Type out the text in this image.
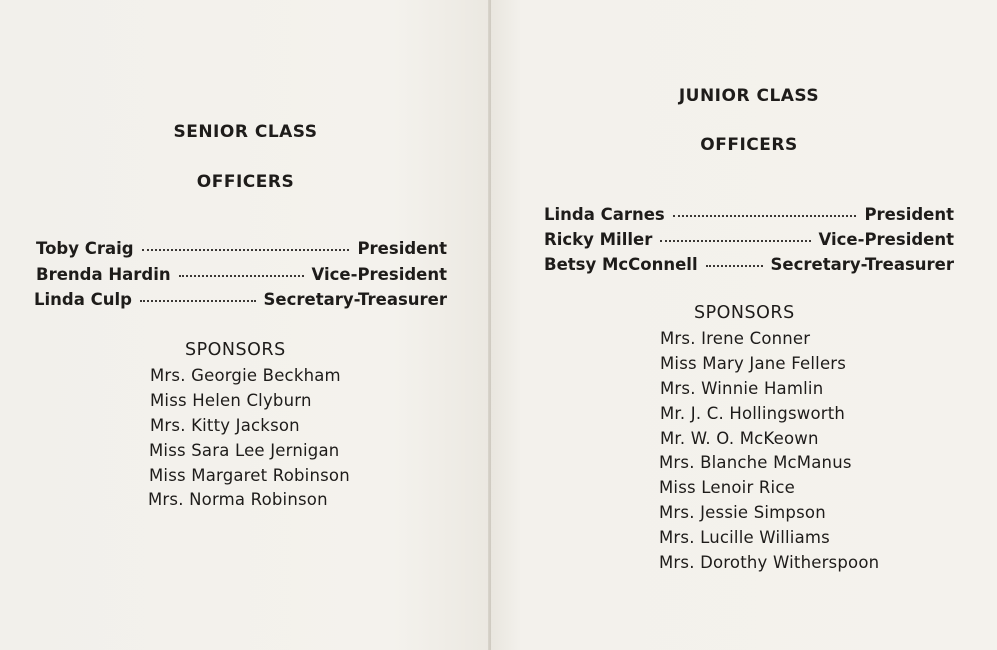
SENIOR CLASS
OFFICERS
Toby Craig	President
Brenda Hardin	Vice-President
Linda Culp	Secretary-Treasurer
SPONSORS
Mrs. Georgie Beckham
Miss Helen Clyburn
Mrs. Kitty Jackson
Miss Sara Lee Jernigan
Miss Margaret Robinson
Mrs. Norma Robinson
JUNIOR CLASS
OFFICERS
Linda Carnes	President
Ricky Miller	Vice-President
Betsy McConnell	Secretary-Treasurer
SPONSORS
Mrs. Irene Conner
Miss Mary Jane Fellers
Mrs. Winnie Hamlin
Mr. J. C. Hollingsworth
Mr. W. O. McKeown
Mrs. Blanche McManus
Miss Lenoir Rice
Mrs. Jessie Simpson
Mrs. Lucille Williams
Mrs. Dorothy Witherspoon
